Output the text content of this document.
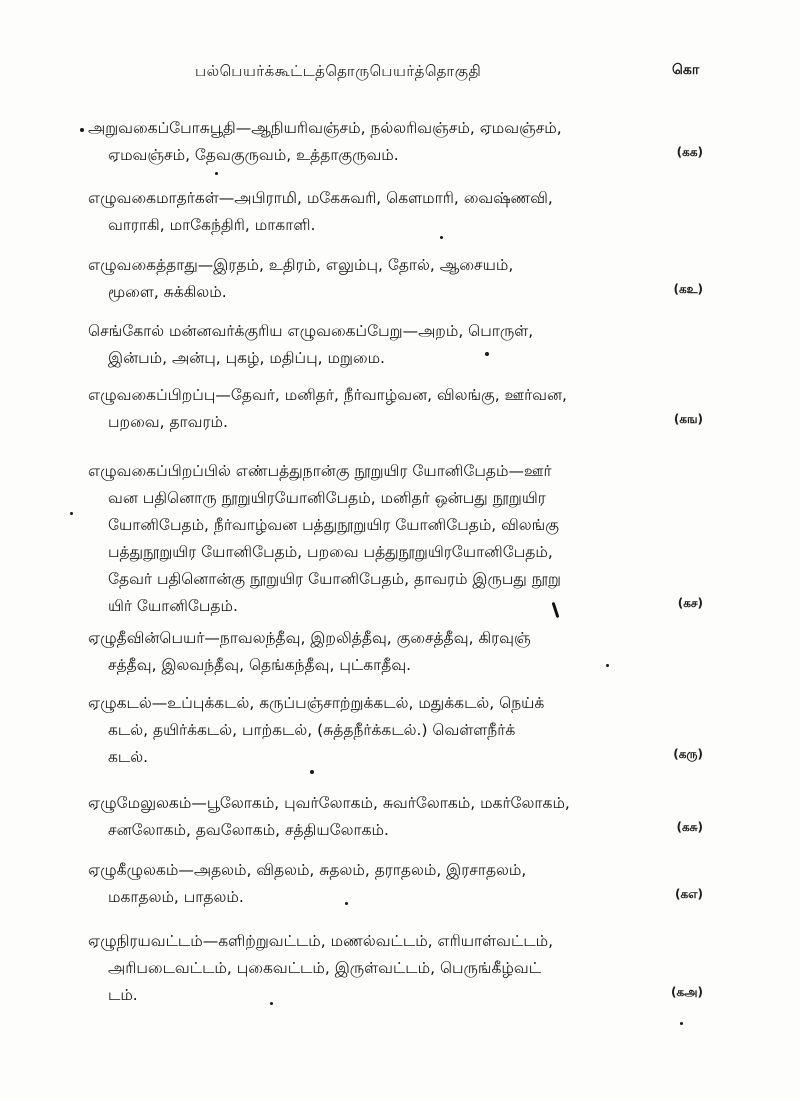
பல்பெயர்க்கூட்டத்தொருபெயர்த்தொகுதி	கொ
அறுவகைப்போசுபூதி—ஆநியரிவஞ்சம், நல்லரிவஞ்சம், ஏமவஞ்சம்,
ஏமவஞ்சம், தேவகுருவம், உத்தாகுருவம்.	(கக)
எழுவகைமாதர்கள்—அபிராமி, மகேசுவரி, கௌமாரி, வைஷ்ணவி,
வாராகி, மாகேந்திரி, மாகாளி.
எழுவகைத்தாது—இரதம், உதிரம், எலும்பு, தோல், ஆசையம்,
மூளை, சுக்கிலம்.	(கஉ)
செங்கோல் மன்னவர்க்குரிய எழுவகைப்பேறு—அறம், பொருள்,
இன்பம், அன்பு, புகழ், மதிப்பு, மறுமை.
எழுவகைப்பிறப்பு—தேவர், மனிதர், நீர்வாழ்வன, விலங்கு, ஊர்வன,
பறவை, தாவரம்.	(கங)
எழுவகைப்பிறப்பில் எண்பத்துநான்கு நூறுயிர யோனிபேதம்—ஊர்
வன பதினொரு நூறுயிரயோனிபேதம், மனிதர் ஒன்பது நூறுயிர
யோனிபேதம், நீர்வாழ்வன பத்துநூறுயிர யோனிபேதம், விலங்கு
பத்துநூறுயிர யோனிபேதம், பறவை பத்துநூறுயிரயோனிபேதம்,
தேவர் பதினொன்கு நூறுயிர யோனிபேதம், தாவரம் இருபது நூறு
யிர் யோனிபேதம்.	(கச)
ஏழுதீவின்பெயர்—நாவலந்தீவு, இறலித்தீவு, குசைத்தீவு, கிரவுஞ்
சத்தீவு, இலவந்தீவு, தெங்கந்தீவு, புட்காதீவு.
ஏழுகடல்—உப்புக்கடல், கருப்பஞ்சாற்றுக்கடல், மதுக்கடல், நெய்க்
கடல், தயிர்க்கடல், பாற்கடல், (சுத்தநீர்க்கடல்.) வெள்ளநீர்க்
கடல்.	(கரு)
ஏழுமேலுலகம்—பூலோகம், புவர்லோகம், சுவர்லோகம், மகர்லோகம்,
சனலோகம், தவலோகம், சத்தியலோகம்.	(கசு)
ஏழுகீழுலகம்—அதலம், விதலம், சுதலம், தராதலம், இரசாதலம்,
மகாதலம், பாதலம்.	(கஎ)
ஏழுநிரயவட்டம்—களிற்றுவட்டம், மணல்வட்டம், எரியாள்வட்டம்,
அரிபடைவட்டம், புகைவட்டம், இருள்வட்டம், பெருங்கீழ்வட்
டம்.	(கஅ)
